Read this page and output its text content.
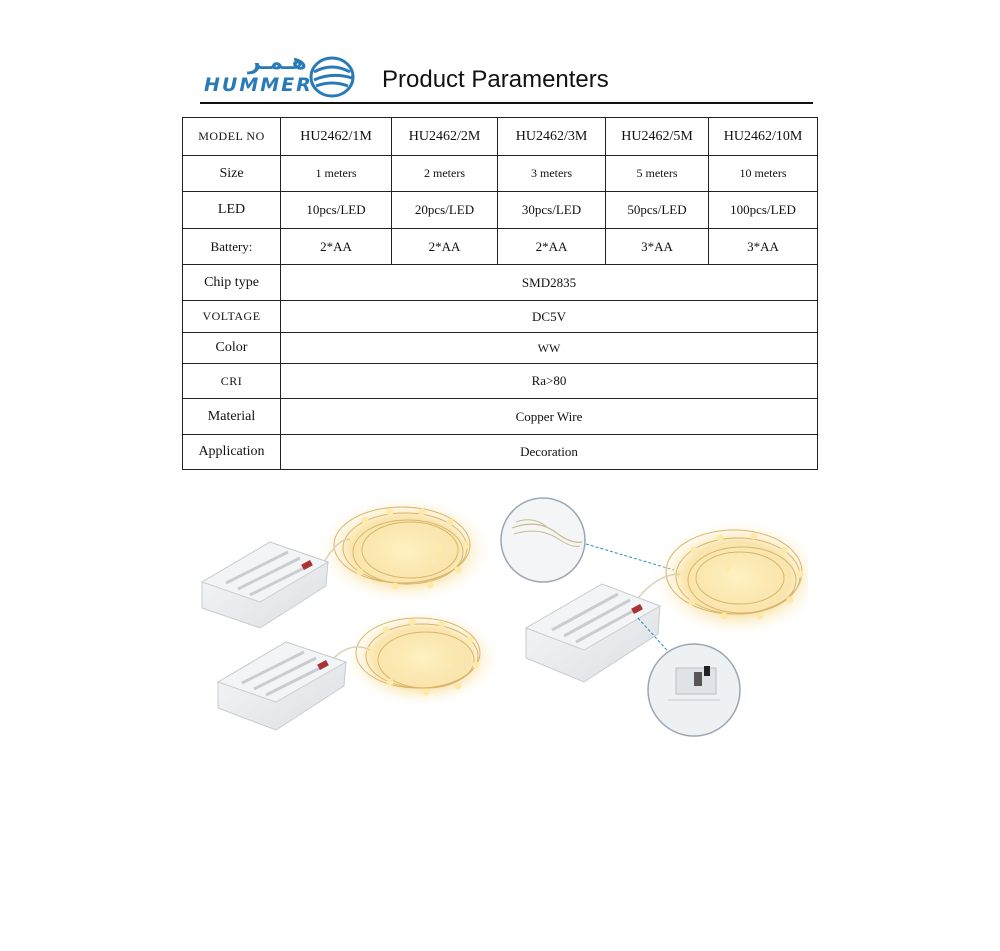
هـمـر
HUMMER	Product Paramenters
MODEL NO	HU2462/1M	HU2462/2M	HU2462/3M	HU2462/5M	HU2462/10M
Size	1 meters	2 meters	3 meters	5 meters	10 meters
LED	10pcs/LED	20pcs/LED	30pcs/LED	50pcs/LED	100pcs/LED
Battery:	2*AA	2*AA	2*AA	3*AA	3*AA
Chip type	SMD2835				
VOLTAGE	DC5V				
Color	WW				
CRI	Ra>80				
Material	Copper Wire				
Application	Decoration				
